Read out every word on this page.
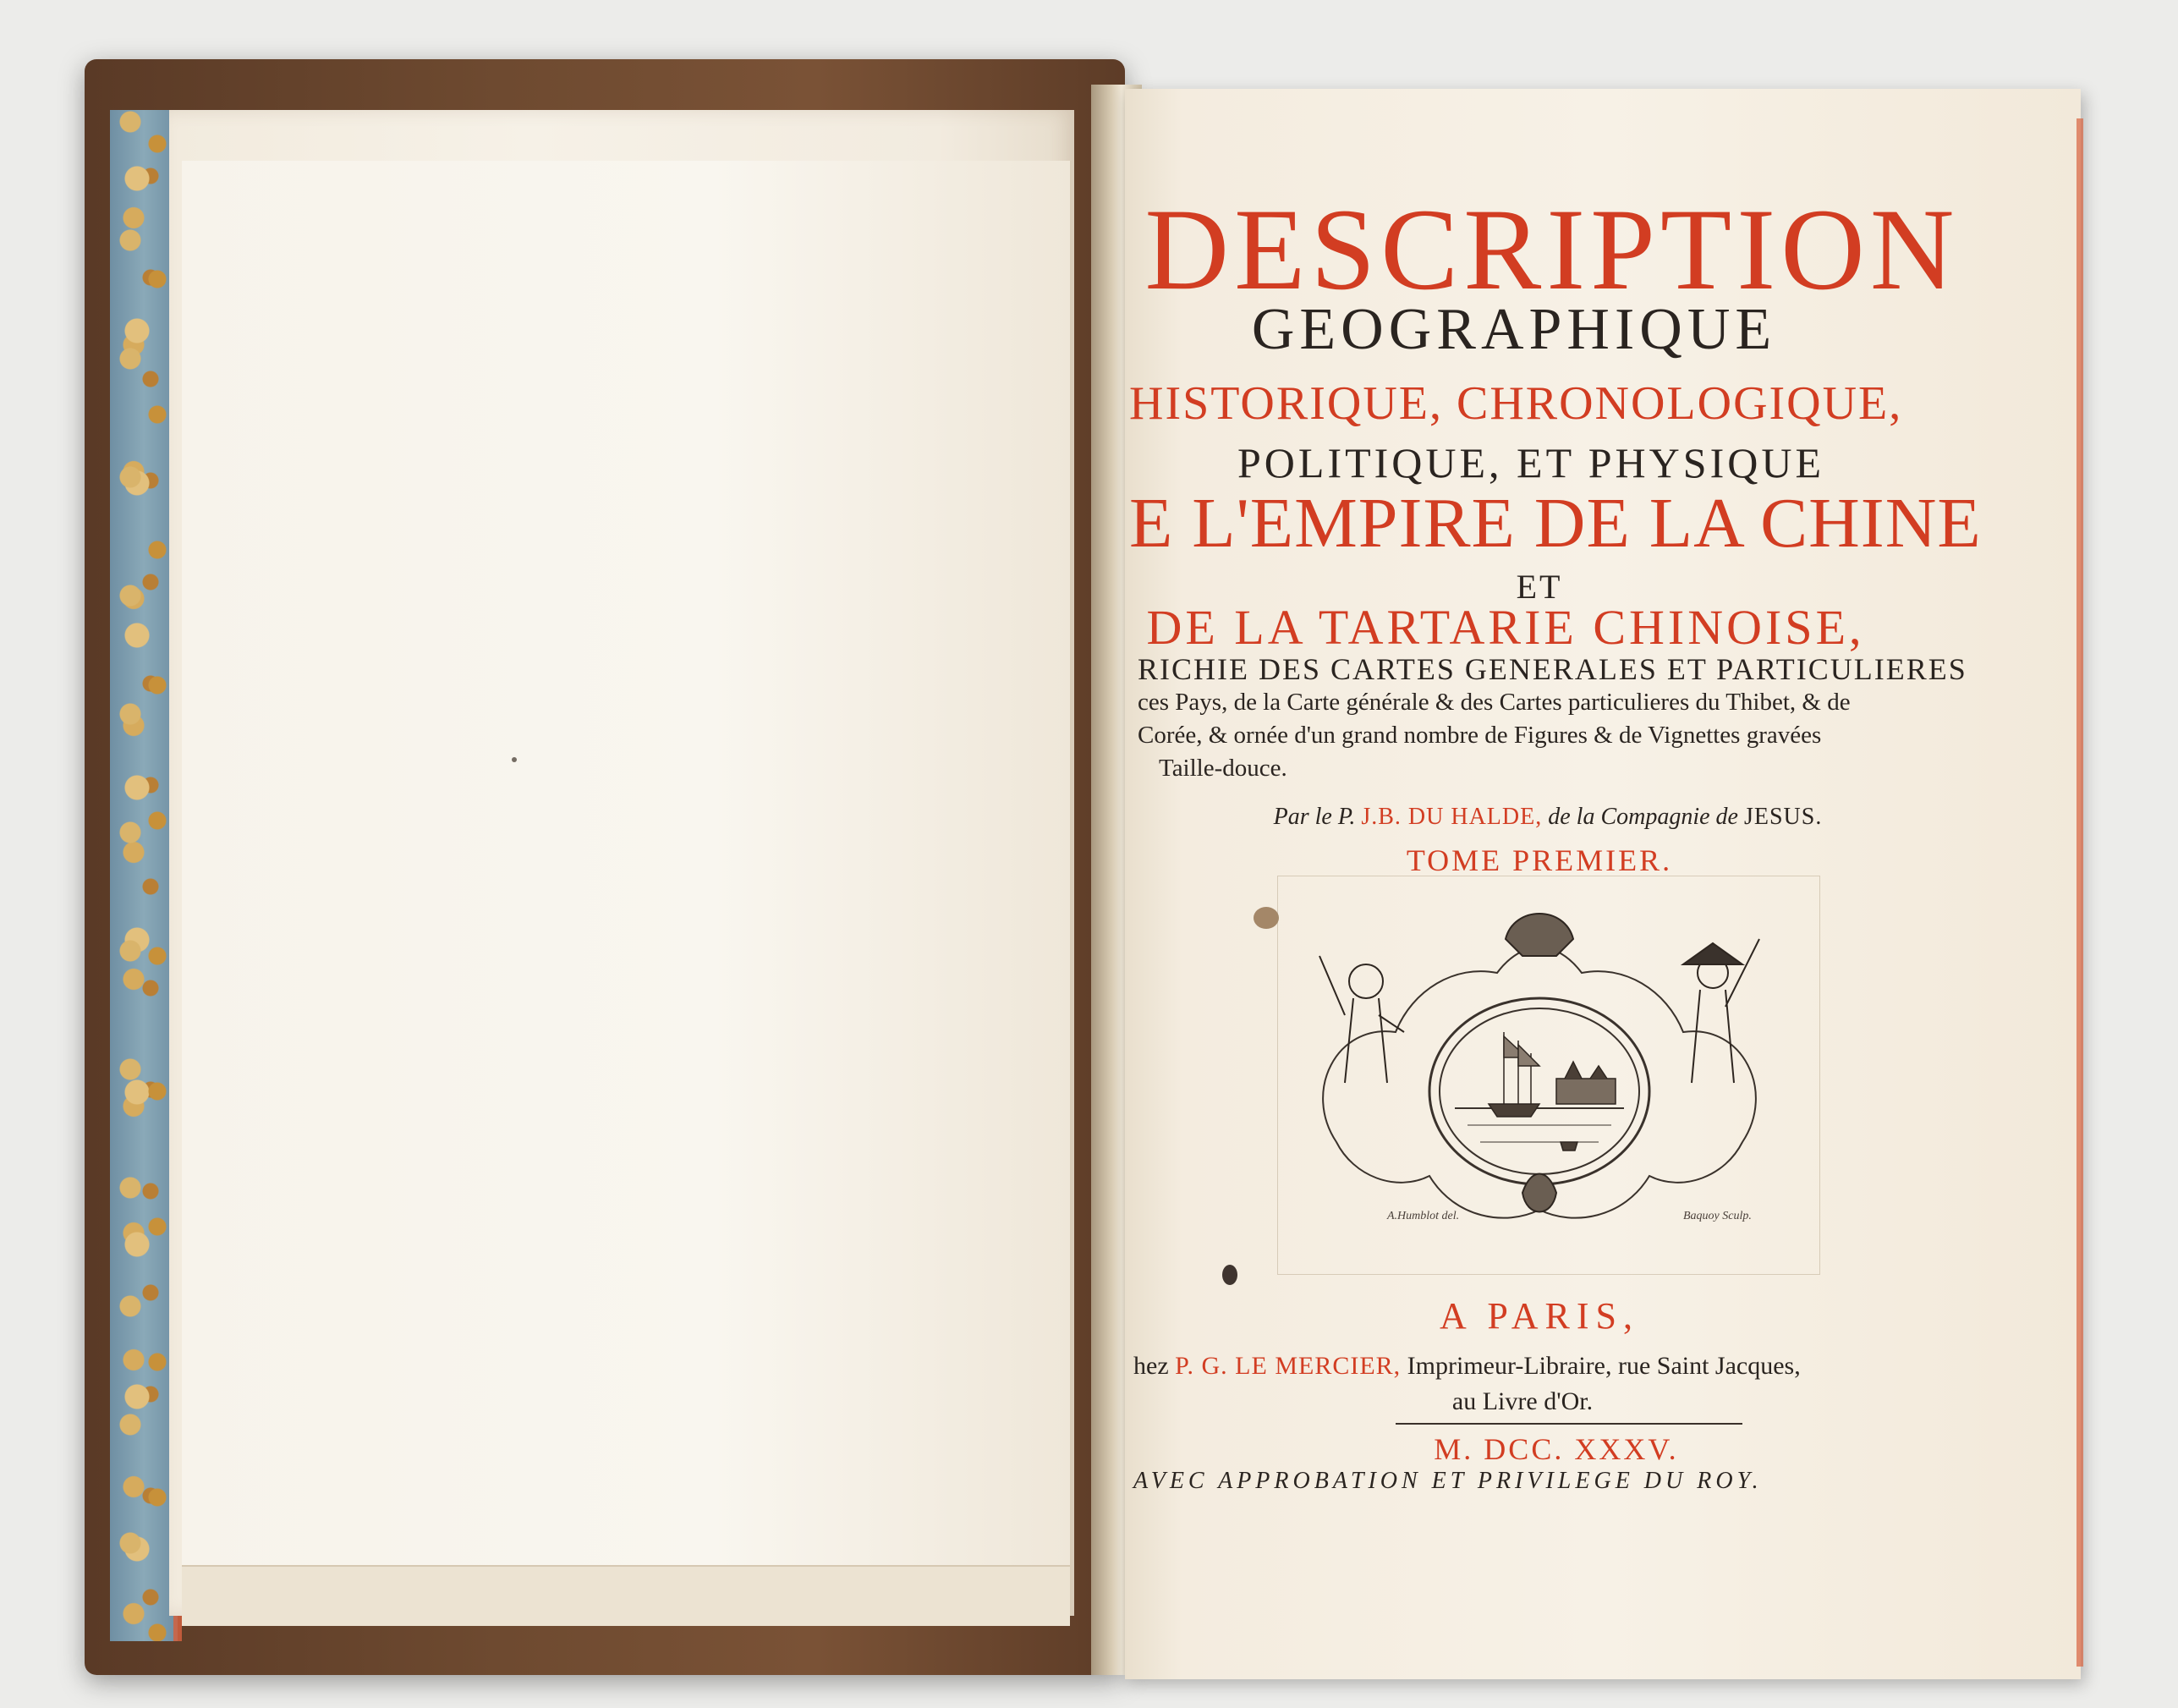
DESCRIPTION
GEOGRAPHIQUE
HISTORIQUE, CHRONOLOGIQUE,
POLITIQUE, ET PHYSIQUE
E L'EMPIRE DE LA CHINE
ET
DE LA TARTARIE CHINOISE,
RICHIE DES CARTES GENERALES ET PARTICULIERES
ces Pays, de la Carte générale & des Cartes particulieres du Thibet, & de
Corée, & ornée d'un grand nombre de Figures & de Vignettes gravées
Taille-douce.
Par le P. J.B. DU HALDE, de la Compagnie de JESUS.
TOME PREMIER.
A.Humblot del.	Baquoy Sculp.
A PARIS,
hez P. G. LE MERCIER, Imprimeur-Libraire, rue Saint Jacques,
au Livre d'Or.
M. DCC. XXXV.
AVEC APPROBATION ET PRIVILEGE DU ROY.
